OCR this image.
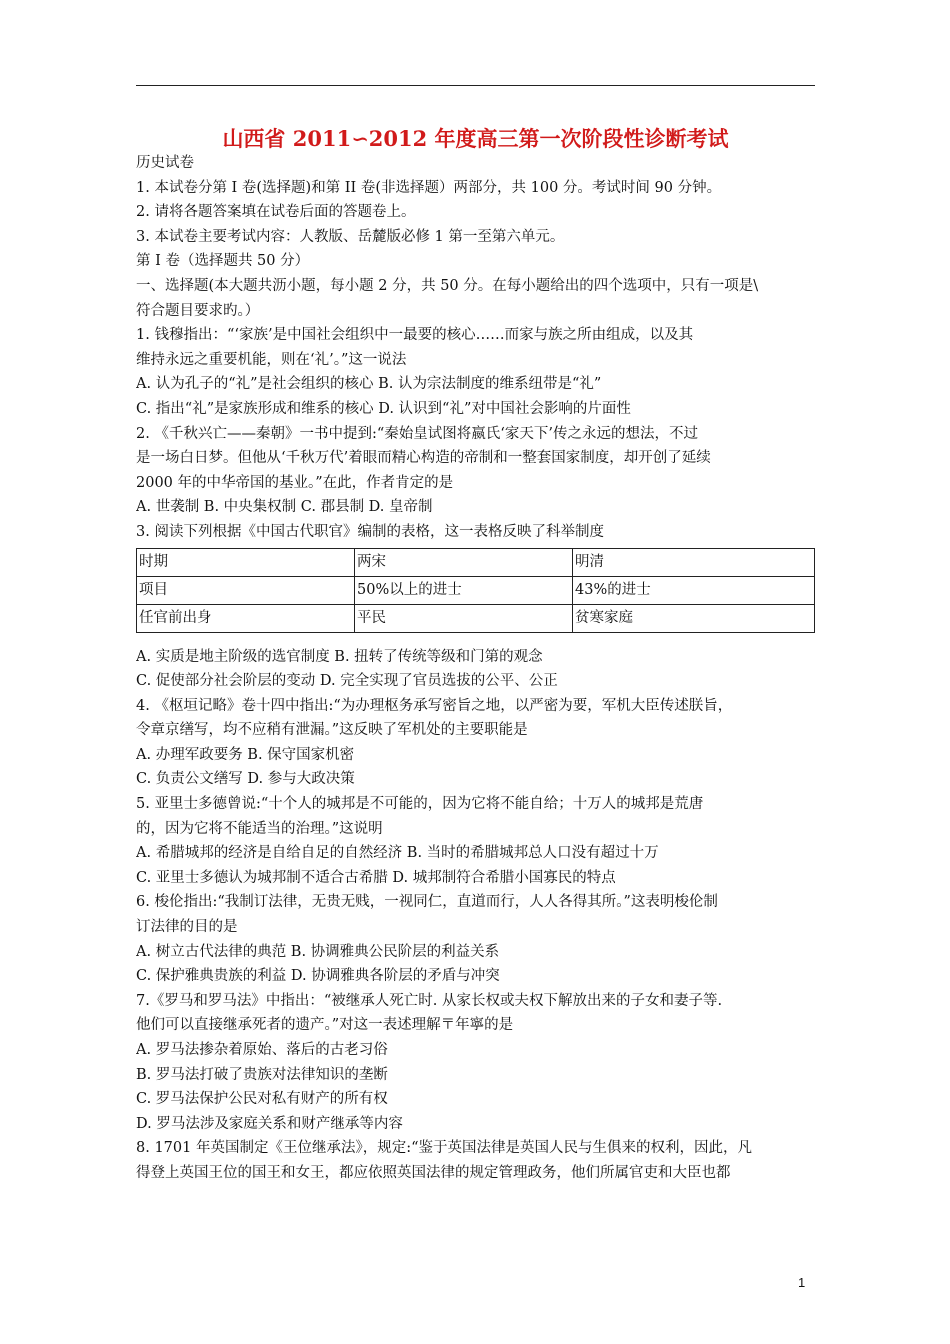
山西省 2011∽2012 年度高三第一次阶段性诊断考试
历史试卷
1. 本试卷分第 I 卷(选择题)和第 II 卷(非选择题）两部分，共 100 分。考试时间 90 分钟。
2. 请将各题答案填在试卷后面的答题卷上。
3. 本试卷主要考试内容：人教版、岳麓版必修 1 第一至第六单元。
第 I 卷（选择题共 50 分）
一、选择题(本大题共沥小题，每小题 2 分，共 50 分。在每小题给出的四个选项中，只有一项是\
符合题目要求旳。）
1. 钱穆指出：“‘家族’是中国社会组织中一最要的核心……而家与族之所由组成，以及其
维持永远之重要机能，则在‘礼’。”这一说法
A. 认为孔子的“礼”是社会组织的核心 B. 认为宗法制度的维系纽带是“礼”
C. 指出“礼”是家族形成和维系的核心 D. 认识到“礼”对中国社会影响的片面性
2. 《千秋兴亡——秦朝》一书中提到:“秦始皇试图将嬴氏‘家天下’传之永远的想法，不过
是一场白日梦。但他从‘千秋万代’着眼而精心构造的帝制和一整套国家制度，却开创了延续
2000 年的中华帝国的基业。”在此，作者肯定的是
A. 世袭制 B. 中央集权制 C. 郡县制 D. 皇帝制
3. 阅读下列根据《中国古代职官》编制的表格，这一表格反映了科举制度
时期	两宋	明清
项目	50%以上的进士	43%的进士
任官前出身	平民	贫寒家庭
A. 实质是地主阶级的选官制度 B. 扭转了传统等级和门第的观念
C. 促使部分社会阶层的变动 D. 完全实现了官员选拔的公平、公正
4. 《枢垣记略》卷十四中指出:“为办理枢务承写密旨之地，以严密为要，军机大臣传述朕旨，
令章京缮写，均不应稍有泄漏。”这反映了军机处的主要职能是
A. 办理军政要务 B. 保守国家机密
C. 负责公文缮写 D. 参与大政决策
5. 亚里士多德曾说:“十个人的城邦是不可能的，因为它将不能自给；十万人的城邦是荒唐
的，因为它将不能适当的治理。”这说明
A. 希腊城邦的经济是自给自足的自然经济 B. 当时的希腊城邦总人口没有超过十万
C. 亚里士多德认为城邦制不适合古希腊 D. 城邦制符合希腊小国寡民的特点
6. 梭伦指出:“我制订法律，无贵无贱，一视同仁，直道而行，人人各得其所。”这表明梭伦制
订法律的目的是
A. 树立古代法律的典范 B. 协调雅典公民阶层的利益关系
C. 保护雅典贵族的利益 D. 协调雅典各阶层的矛盾与冲突
7.《罗马和罗马法》中指出：“被继承人死亡时. 从家长权或夫权下解放出来的子女和妻子等.
他们可以直接继承死者的遗产。”对这一表述理解〒年寧的是
A. 罗马法掺杂着原始、落后的古老习俗
B. 罗马法打破了贵族对法律知识的垄断
C. 罗马法保护公民对私有财产的所有权
D. 罗马法涉及家庭关系和财产继承等内容
8. 1701 年英国制定《王位继承法》，规定:“鉴于英国法律是英国人民与生俱来的权利，因此，凡
得登上英国王位的国王和女王，都应依照英国法律的规定管理政务，他们所属官吏和大臣也都
1
